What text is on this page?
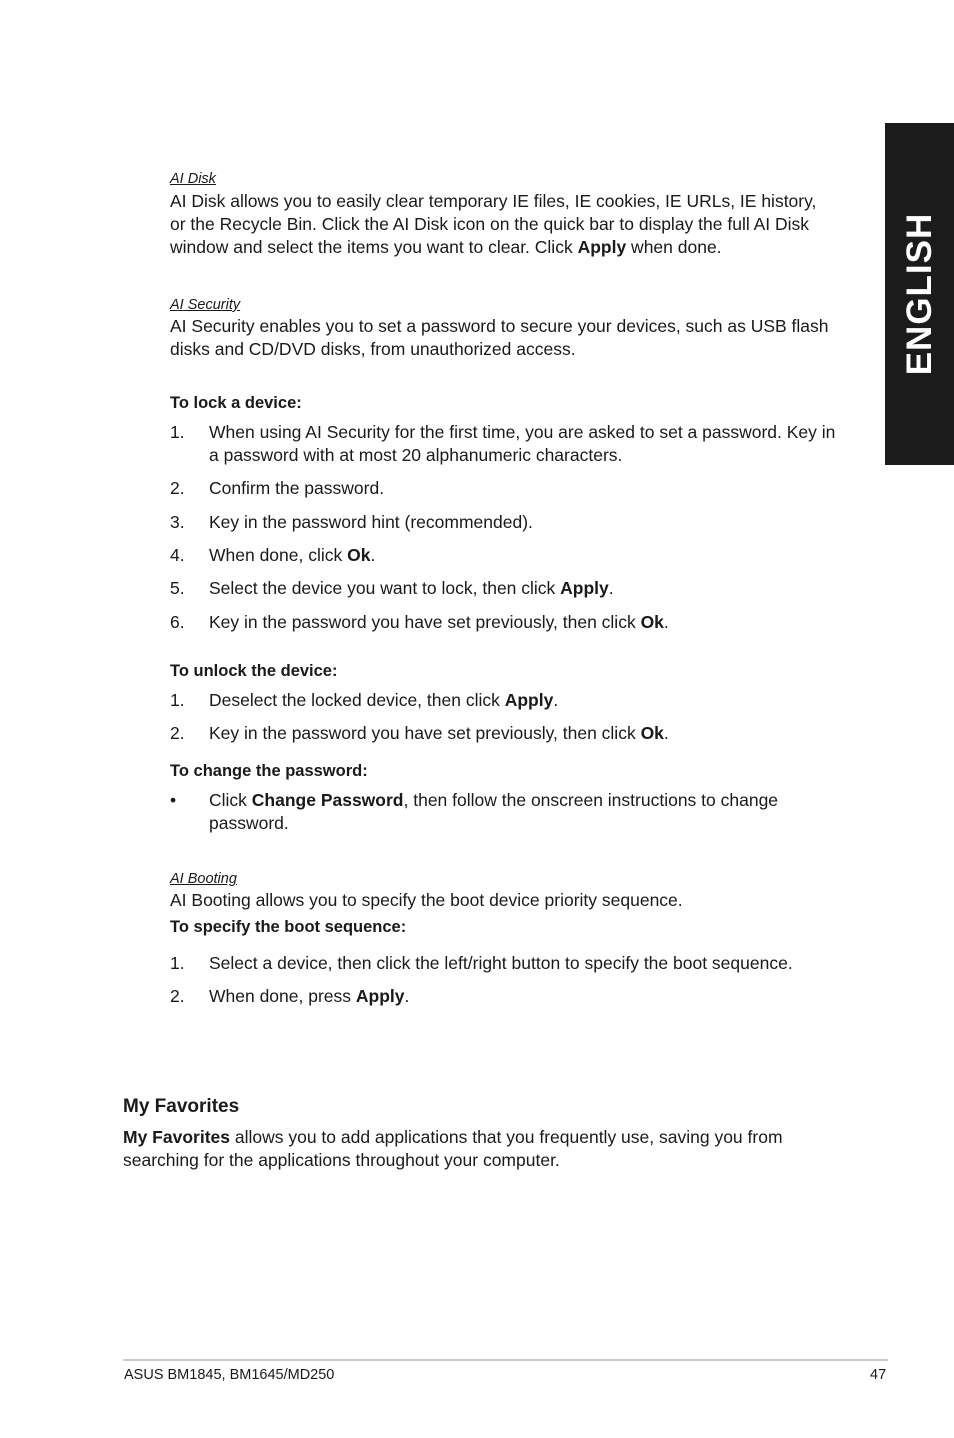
ENGLISH
AI Disk
AI Disk allows you to easily clear temporary IE files, IE cookies, IE URLs, IE history,
or the Recycle Bin. Click the AI Disk icon on the quick bar to display the full AI Disk
window and select the items you want to clear. Click Apply when done.
AI Security
AI Security enables you to set a password to secure your devices, such as USB flash
disks and CD/DVD disks, from unauthorized access.
To lock a device:
1. When using AI Security for the first time, you are asked to set a password. Key in a password with at most 20 alphanumeric characters.
2. Confirm the password.
3. Key in the password hint (recommended).
4. When done, click Ok.
5. Select the device you want to lock, then click Apply.
6. Key in the password you have set previously, then click Ok.
To unlock the device:
1. Deselect the locked device, then click Apply.
2. Key in the password you have set previously, then click Ok.
To change the password:
• Click Change Password, then follow the onscreen instructions to change password.
AI Booting
AI Booting allows you to specify the boot device priority sequence.
To specify the boot sequence:
1. Select a device, then click the left/right button to specify the boot sequence.
2. When done, press Apply.
My Favorites
My Favorites allows you to add applications that you frequently use, saving you from
searching for the applications throughout your computer.
ASUS BM1845, BM1645/MD250	47
